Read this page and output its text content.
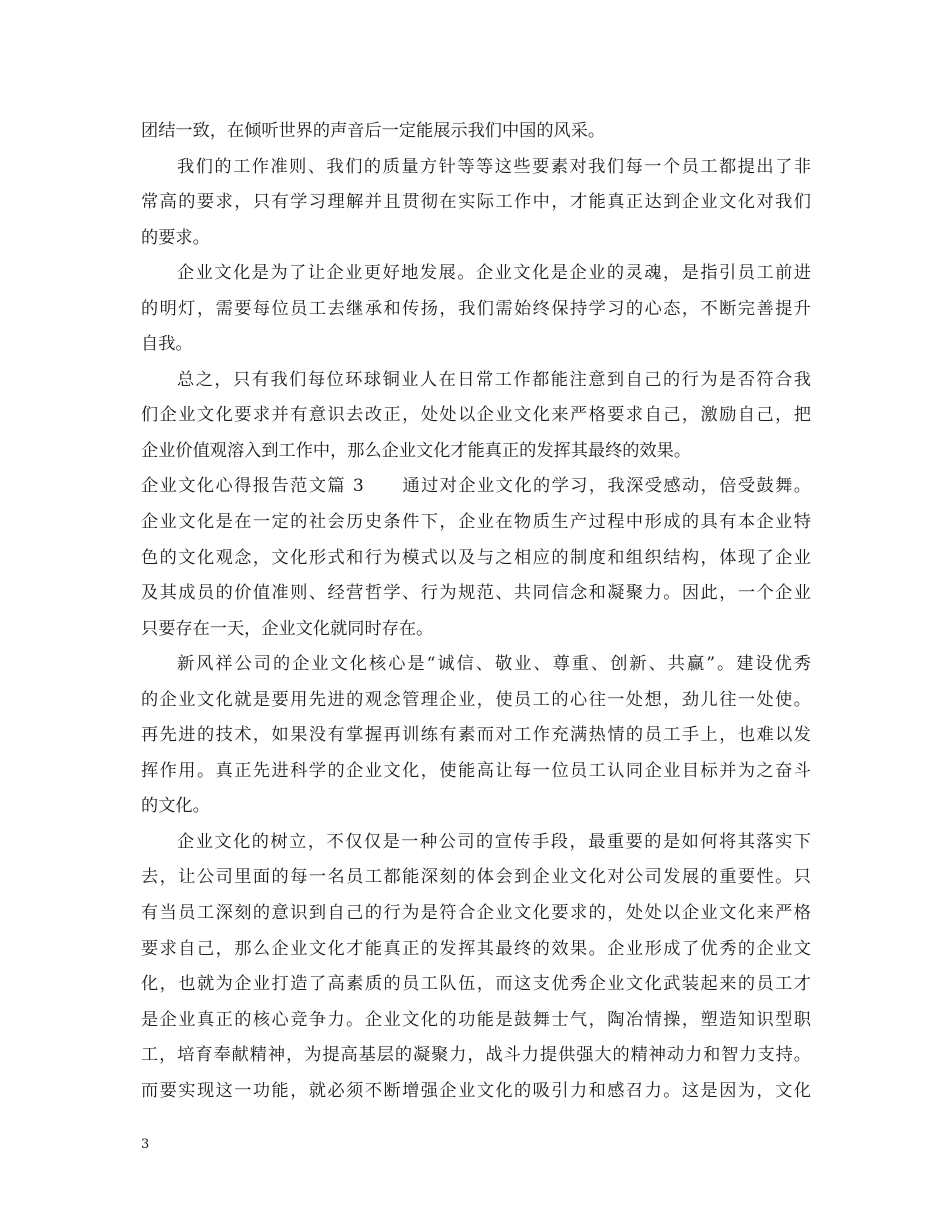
团结一致，在倾听世界的声音后一定能展示我们中国的风采。
我们的工作准则、我们的质量方针等等这些要素对我们每一个员工都提出了非
常高的要求，只有学习理解并且贯彻在实际工作中，才能真正达到企业文化对我们
的要求。
企业文化是为了让企业更好地发展。企业文化是企业的灵魂，是指引员工前进
的明灯，需要每位员工去继承和传扬，我们需始终保持学习的心态，不断完善提升
自我。
总之，只有我们每位环球铜业人在日常工作都能注意到自己的行为是否符合我
们企业文化要求并有意识去改正，处处以企业文化来严格要求自己，激励自己，把
企业价值观溶入到工作中，那么企业文化才能真正的发挥其最终的效果。
企业文化心得报告范文篇 3　　通过对企业文化的学习，我深受感动，倍受鼓舞。
企业文化是在一定的社会历史条件下，企业在物质生产过程中形成的具有本企业特
色的文化观念，文化形式和行为模式以及与之相应的制度和组织结构，体现了企业
及其成员的价值准则、经营哲学、行为规范、共同信念和凝聚力。因此，一个企业
只要存在一天，企业文化就同时存在。
新风祥公司的企业文化核心是“诚信、敬业、尊重、创新、共赢”。建设优秀
的企业文化就是要用先进的观念管理企业，使员工的心往一处想，劲儿往一处使。
再先进的技术，如果没有掌握再训练有素而对工作充满热情的员工手上，也难以发
挥作用。真正先进科学的企业文化，使能高让每一位员工认同企业目标并为之奋斗
的文化。
企业文化的树立，不仅仅是一种公司的宣传手段，最重要的是如何将其落实下
去，让公司里面的每一名员工都能深刻的体会到企业文化对公司发展的重要性。只
有当员工深刻的意识到自己的行为是符合企业文化要求的，处处以企业文化来严格
要求自己，那么企业文化才能真正的发挥其最终的效果。企业形成了优秀的企业文
化，也就为企业打造了高素质的员工队伍，而这支优秀企业文化武装起来的员工才
是企业真正的核心竞争力。企业文化的功能是鼓舞士气，陶冶情操，塑造知识型职
工，培育奉献精神，为提高基层的凝聚力，战斗力提供强大的精神动力和智力支持。
而要实现这一功能，就必须不断增强企业文化的吸引力和感召力。这是因为，文化
3
